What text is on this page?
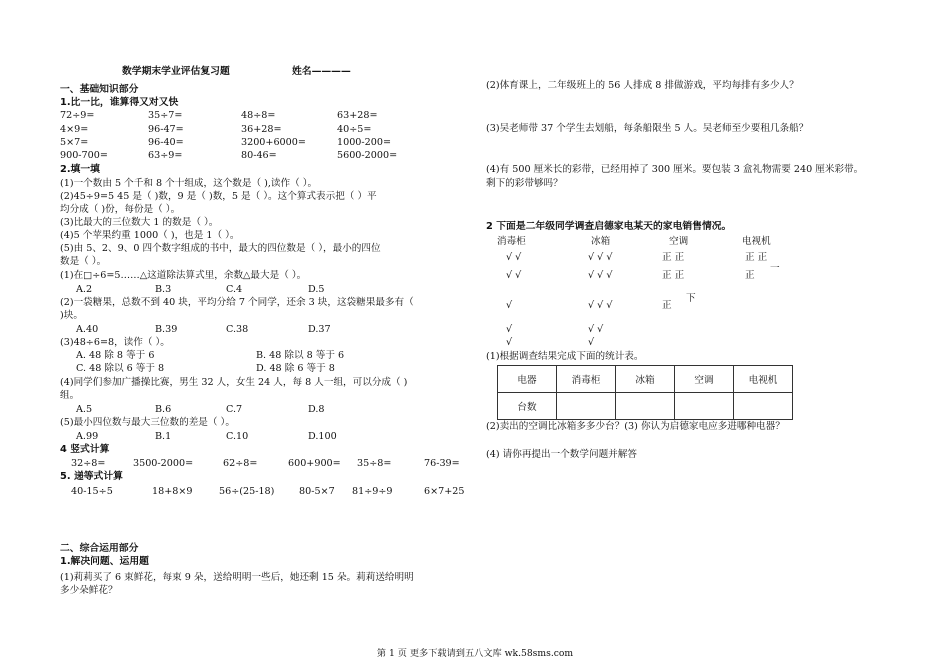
数学期末学业评估复习题	姓名————
一、基础知识部分
1.比一比，谁算得又对又快
72÷9=	35÷7=	48÷8=	63+28=
4×9=	96-47=	36+28=	40÷5=
5×7=	96-40=	3200+6000=	1000-200=
900-700=	63÷9=	80-46=	5600-2000=
2.填一填
(1)一个数由 5 个千和 8 个十组成，这个数是（ ),读作（ ）。
(2)45÷9=5 45 是（ )数，9 是（ )数，5 是（ ）。这个算式表示把（ ）平
均分成（ )份，每份是（ ）。
(3)比最大的三位数大 1 的数是（ ）。
(4)5 个苹果约重 1000（ )，也是 1（ ）。
(5)由 5、2、9、0 四个数字组成的书中，最大的四位数是（ ），最小的四位
数是（ ）。
(1)在□÷6=5……△这道除法算式里，余数△最大是（ ）。
A.2	B.3	C.4	D.5
(2)一袋糖果，总数不到 40 块，平均分给 7 个同学，还余 3 块，这袋糖果最多有（
)块。
A.40	B.39	C.38	D.37
(3)48÷6=8，读作（ ）。
A. 48 除 8 等于 6	B. 48 除以 8 等于 6
C. 48 除以 6 等于 8	D. 48 除 6 等于 8
(4)同学们参加广播操比赛，男生 32 人，女生 24 人，每 8 人一组，可以分成（ )
组。
A.5	B.6	C.7	D.8
(5)最小四位数与最大三位数的差是（ ）。
A.99	B.1	C.10	D.100
4 竖式计算
32÷8=	3500-2000=	62÷8=	600+900= 35÷8=	76-39=
5. 递等式计算
40-15÷5	18+8×9	56÷(25-18)	80-5×7 81÷9÷9	6×7+25
二、综合运用部分
1.解决问题、运用题
(1)莉莉买了 6 束鲜花，每束 9 朵，送给明明一些后，她还剩 15 朵。莉莉送给明明
多少朵鲜花？
(2)体育课上，二年级班上的 56 人排成 8 排做游戏，平均每排有多少人？
(3)吴老师带 37 个学生去划船，每条船限坐 5 人。吴老师至少要租几条船？
(4)有 500 厘米长的彩带，已经用掉了 300 厘米。要包装 3 盒礼物需要 240 厘米彩带。
剩下的彩带够吗？
2 下面是二年级同学调查启德家电某天的家电销售情况。
消毒柜	冰箱	空调	电视机
√ √	√ √ √	正 正	正 正
√ √	√ √ √	正 正	正
一
√	√ √ √	正
下
√	√ √
√	√
(1)根据调查结果完成下面的统计表。
电器	消毒柜	冰箱	空调	电视机
台数				
(2)卖出的空调比冰箱多多少台？(3) 你认为启德家电应多进哪种电器？
(4) 请你再提出一个数学问题并解答
第 1 页 更多下载请到五八文库 wk.58sms.com
